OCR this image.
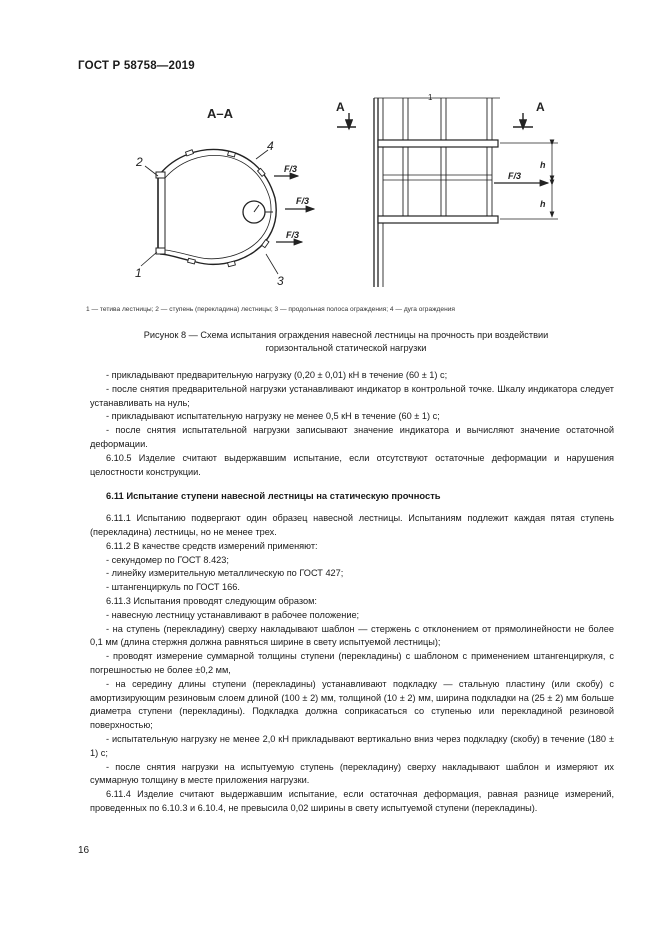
ГОСТ Р 58758—2019
А–А
F/3
F/3
F/3
2
1
4
3
А	А
1
F/3
h
h
1 — тетива лестницы; 2 — ступень (перекладина) лестницы; 3 — продольная полоса ограждения; 4 — дуга ограждения
Рисунок 8 — Схема испытания ограждения навесной лестницы на прочность при воздействии
горизонтальной статической нагрузки

- прикладывают предварительную нагрузку (0,20 ± 0,01) кН в течение (60 ± 1) с;

- после снятия предварительной нагрузки устанавливают индикатор в контрольной точке. Шкалу индикатора следует устанавливать на нуль;

- прикладывают испытательную нагрузку не менее 0,5 кН в течение (60 ± 1) с;

- после снятия испытательной нагрузки записывают значение индикатора и вычисляют значение остаточной деформации.

6.10.5 Изделие считают выдержавшим испытание, если отсутствуют остаточные деформации и нарушения целостности конструкции.

6.11 Испытание ступени навесной лестницы на статическую прочность

6.11.1 Испытанию подвергают один образец навесной лестницы. Испытаниям подлежит каждая пятая ступень (перекладина) лестницы, но не менее трех.

6.11.2 В качестве средств измерений применяют:

- секундомер по ГОСТ 8.423;

- линейку измерительную металлическую по ГОСТ 427;

- штангенциркуль по ГОСТ 166.

6.11.3 Испытания проводят следующим образом:

- навесную лестницу устанавливают в рабочее положение;

- на ступень (перекладину) сверху накладывают шаблон — стержень с отклонением от прямолинейности не более 0,1 мм (длина стержня должна равняться ширине в свету испытуемой лестницы);

- проводят измерение суммарной толщины ступени (перекладины) с шаблоном с применением штангенциркуля, с погрешностью не более ±0,2 мм,

- на середину длины ступени (перекладины) устанавливают подкладку — стальную пластину (или скобу) с амортизирующим резиновым слоем длиной (100 ± 2) мм, толщиной (10 ± 2) мм, ширина подкладки на (25 ± 2) мм больше диаметра ступени (перекладины). Подкладка должна соприкасаться со ступенью или перекладиной резиновой поверхностью;

- испытательную нагрузку не менее 2,0 кН прикладывают вертикально вниз через подкладку (скобу) в течение (180 ± 1) с;

- после снятия нагрузки на испытуемую ступень (перекладину) сверху накладывают шаблон и измеряют их суммарную толщину в месте приложения нагрузки.

6.11.4 Изделие считают выдержавшим испытание, если остаточная деформация, равная разнице измерений, проведенных по 6.10.3 и 6.10.4, не превысила 0,02 ширины в свету испытуемой ступени (перекладины).

16
